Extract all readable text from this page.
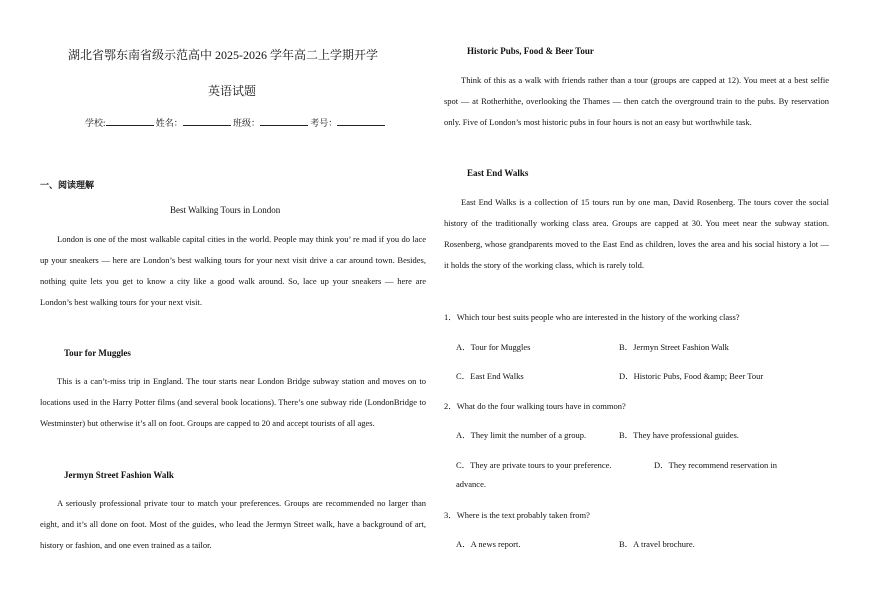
湖北省鄂东南省级示范高中 2025-2026 学年高二上学期开学
英语试题
学校:	姓名：	班级：	考号：
一、阅读理解
Best Walking Tours in London

London is one of the most walkable capital cities in the world. People may think you’ re mad if you do lace up your sneakers — here are London’s best walking tours for your next visit drive a car around town. Besides, nothing quite lets you get to know a city like a good walk around. So, lace up your sneakers — here are London’s best walking tours for your next visit.

Tour for Muggles

This is a can’t-miss trip in England. The tour starts near London Bridge subway station and moves on to locations used in the Harry Potter films (and several book locations). There’s one subway ride (LondonBridge to Westminster) but otherwise it’s all on foot. Groups are capped to 20 and accept tourists of all ages.

Jermyn Street Fashion Walk

A seriously professional private tour to match your preferences. Groups are recommended no larger than eight, and it’s all done on foot. Most of the guides, who lead the Jermyn Street walk, have a background of art, history or fashion, and one even trained as a tailor.

Historic Pubs, Food & Beer Tour

Think of this as a walk with friends rather than a tour (groups are capped at 12). You meet at a best selfie spot — at Rotherhithe, overlooking the Thames — then catch the overground train to the pubs. By reservation only. Five of London’s most historic pubs in four hours is not an easy but worthwhile task.

East End Walks

East End Walks is a collection of 15 tours run by one man, David Rosenberg. The tours cover the social history of the traditionally working class area. Groups are capped at 30. You meet near the subway station. Rosenberg, whose grandparents moved to the East End as children, loves the area and his social history a lot — it holds the story of the working class, which is rarely told.

1．Which tour best suits people who are interested in the history of the working class?
A．Tour for Muggles	B．Jermyn Street Fashion Walk
C．East End Walks	D．Historic Pubs, Food &amp; Beer Tour
2．What do the four walking tours have in common?
A．They limit the number of a group.	B．They have professional guides.
C．They are private tours to your preference.	D．They recommend reservation in
advance.
3．Where is the text probably taken from?
A．A news report.	B．A travel brochure.
